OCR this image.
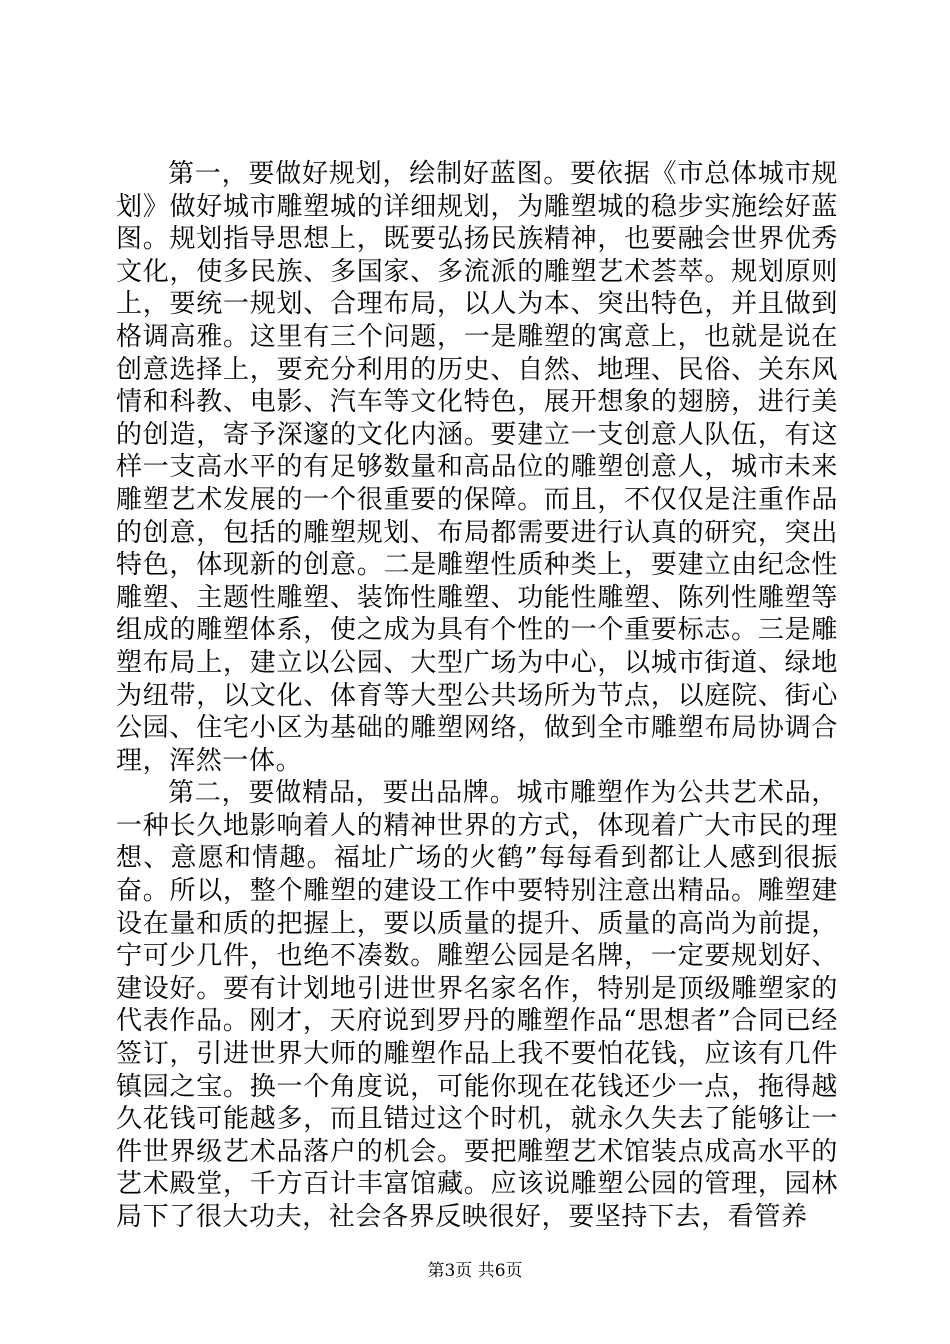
第一，要做好规划，绘制好蓝图。要依据《市总体城市规划》做好城市雕塑城的详细规划，为雕塑城的稳步实施绘好蓝图。规划指导思想上，既要弘扬民族精神，也要融会世界优秀文化，使多民族、多国家、多流派的雕塑艺术荟萃。规划原则上，要统一规划、合理布局，以人为本、突出特色，并且做到格调高雅。这里有三个问题，一是雕塑的寓意上，也就是说在创意选择上，要充分利用的历史、自然、地理、民俗、关东风情和科教、电影、汽车等文化特色，展开想象的翅膀，进行美的创造，寄予深邃的文化内涵。要建立一支创意人队伍，有这样一支高水平的有足够数量和高品位的雕塑创意人，城市未来雕塑艺术发展的一个很重要的保障。而且，不仅仅是注重作品的创意，包括的雕塑规划、布局都需要进行认真的研究，突出特色，体现新的创意。二是雕塑性质种类上，要建立由纪念性雕塑、主题性雕塑、装饰性雕塑、功能性雕塑、陈列性雕塑等组成的雕塑体系，使之成为具有个性的一个重要标志。三是雕塑布局上，建立以公园、大型广场为中心，以城市街道、绿地为纽带，以文化、体育等大型公共场所为节点，以庭院、街心公园、住宅小区为基础的雕塑网络，做到全市雕塑布局协调合理，浑然一体。

第二，要做精品，要出品牌。城市雕塑作为公共艺术品，一种长久地影响着人的精神世界的方式，体现着广大市民的理想、意愿和情趣。福址广场的火鹤”每每看到都让人感到很振奋。所以，整个雕塑的建设工作中要特别注意出精品。雕塑建设在量和质的把握上，要以质量的提升、质量的高尚为前提，宁可少几件，也绝不凑数。雕塑公园是名牌，一定要规划好、建设好。要有计划地引进世界名家名作，特别是顶级雕塑家的代表作品。刚才，天府说到罗丹的雕塑作品“思想者”合同已经签订，引进世界大师的雕塑作品上我不要怕花钱，应该有几件镇园之宝。换一个角度说，可能你现在花钱还少一点，拖得越久花钱可能越多，而且错过这个时机，就永久失去了能够让一件世界级艺术品落户的机会。要把雕塑艺术馆装点成高水平的艺术殿堂，千方百计丰富馆藏。应该说雕塑公园的管理，园林局下了很大功夫，社会各界反映很好，要坚持下去，看管养

第3页 共6页
